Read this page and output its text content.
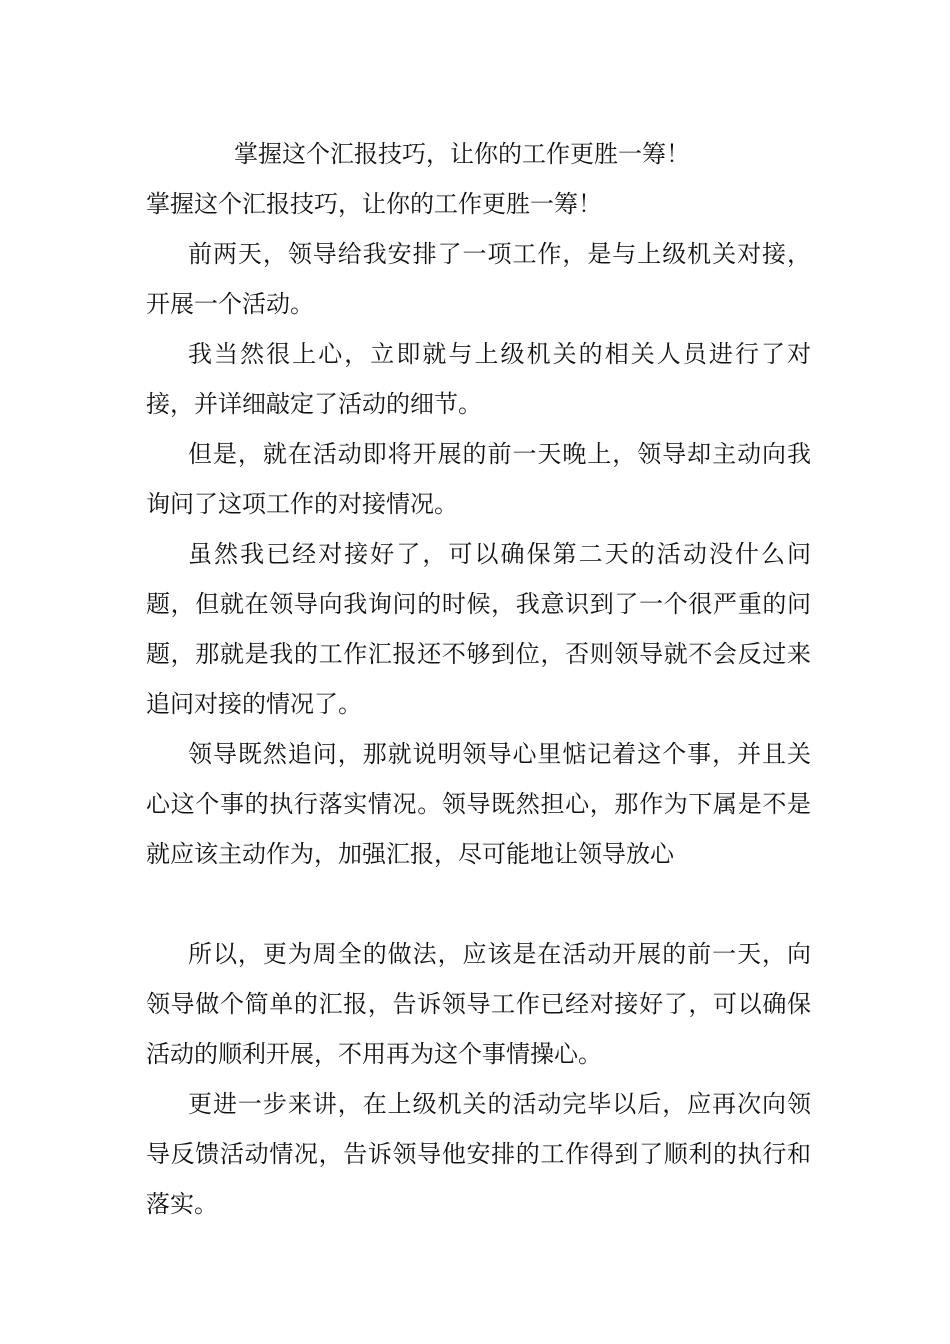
掌握这个汇报技巧，让你的工作更胜一筹！

掌握这个汇报技巧，让你的工作更胜一筹！

前两天，领导给我安排了一项工作，是与上级机关对接，开展一个活动。

我当然很上心，立即就与上级机关的相关人员进行了对接，并详细敲定了活动的细节。

但是，就在活动即将开展的前一天晚上，领导却主动向我询问了这项工作的对接情况。

虽然我已经对接好了，可以确保第二天的活动没什么问题，但就在领导向我询问的时候，我意识到了一个很严重的问题，那就是我的工作汇报还不够到位，否则领导就不会反过来追问对接的情况了。

领导既然追问，那就说明领导心里惦记着这个事，并且关心这个事的执行落实情况。领导既然担心，那作为下属是不是就应该主动作为，加强汇报，尽可能地让领导放心

所以，更为周全的做法，应该是在活动开展的前一天，向领导做个简单的汇报，告诉领导工作已经对接好了，可以确保活动的顺利开展，不用再为这个事情操心。

更进一步来讲，在上级机关的活动完毕以后，应再次向领导反馈活动情况，告诉领导他安排的工作得到了顺利的执行和落实。
